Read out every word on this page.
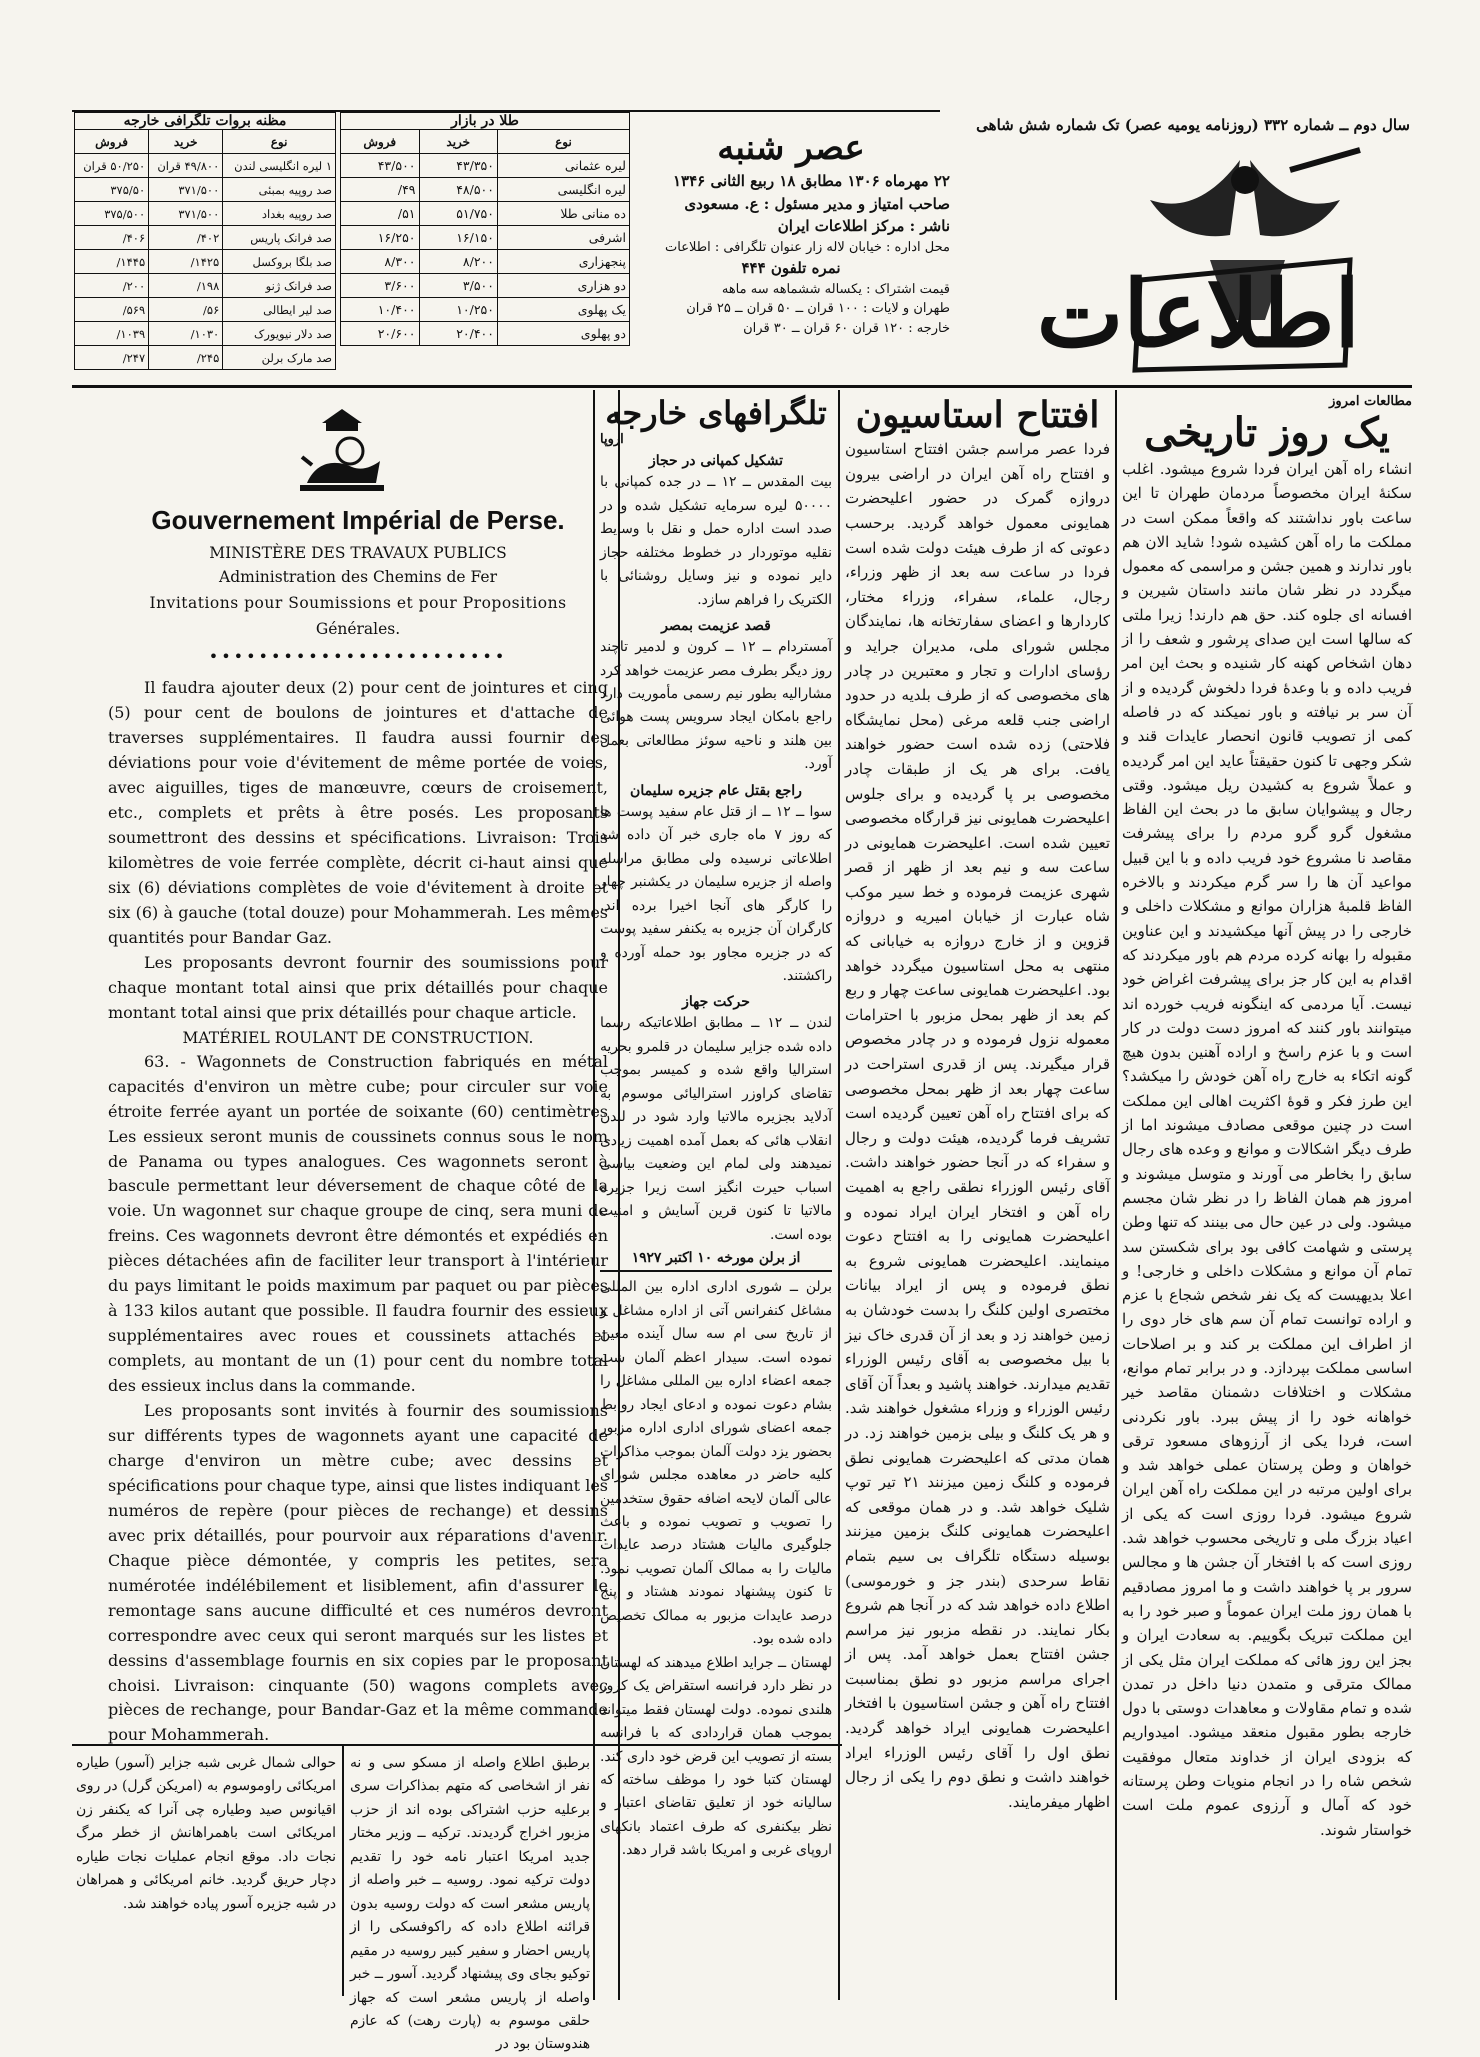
سال دوم ــ شماره ۳۳۲ (روزنامه یومیه عصر) تک شماره شش شاهی
اطلاعات
عصر شنبه
۲۲ مهرماه ۱۳۰۶ مطابق ۱۸ ربیع الثانی ۱۳۴۶
صاحب امتیاز و مدیر مسئول : ع. مسعودی
ناشر : مرکز اطلاعات ایران
محل اداره : خیابان لاله زار عنوان تلگرافی : اطلاعات
نمره تلفون ۴۴۴
قیمت اشتراک : یکساله ششماهه سه ماهه
طهران و لایات : ۱۰۰ قران ــ ۵۰ قران ــ ۲۵ قران
خارجه : ۱۲۰ قران ۶۰ قران ــ ۳۰ قران
طلا در بازار
نوع	خرید	فروش
لیره عثمانی	۴۳/۳۵۰	۴۳/۵۰۰
لیره انگلیسی	۴۸/۵۰۰	۴۹/
ده منانی طلا	۵۱/۷۵۰	۵۱/
اشرفی	۱۶/۱۵۰	۱۶/۲۵۰
پنجهزاری	۸/۲۰۰	۸/۳۰۰
دو هزاری	۳/۵۰۰	۳/۶۰۰
یک پهلوی	۱۰/۲۵۰	۱۰/۴۰۰
دو پهلوی	۲۰/۴۰۰	۲۰/۶۰۰
مظنه بروات تلگرافی خارجه
نوع	خرید	فروش
۱ لیره انگلیسی لندن	۴۹/۸۰۰ قران	۵۰/۲۵۰ قران
صد روپیه بمبئی	۳۷۱/۵۰۰	۳۷۵/۵۰
صد روپیه بغداد	۳۷۱/۵۰۰	۳۷۵/۵۰۰
صد فرانک پاریس	۴۰۲/	۴۰۶/
صد بلگا بروکسل	۱۴۲۵/	۱۴۴۵/
صد فرانک ژنو	۱۹۸/	۲۰۰/
صد لیر ایطالی	۵۶/	۵۶۹/
صد دلار نیویورک	۱۰۳۰/	۱۰۳۹/
صد مارک برلن	۲۴۵/	۲۴۷/
مطالعات امروز
یک روز تاریخی
انشاء راه آهن ایران فردا شروع میشود. اغلب سکنهٔ ایران مخصوصاً مردمان طهران تا این ساعت باور نداشتند که واقعاً ممکن است در مملکت ما راه آهن کشیده شود! شاید الان هم باور ندارند و همین جشن و مراسمی که معمول میگردد در نظر شان مانند داستان شیرین و افسانه ای جلوه کند. حق هم دارند! زیرا ملتی که سالها است این صدای پرشور و شعف را از دهان اشخاص کهنه کار شنیده و بحث این امر فریب داده و با وعدهٔ فردا دلخوش گردیده و از آن سر بر نیافته و باور نمیکند که در فاصله کمی از تصویب قانون انحصار عایدات قند و شکر وجهی تا کنون حقیقتاً عاید این امر گردیده و عملاً شروع به کشیدن ریل میشود. وقتی رجال و پیشوایان سابق ما در بحث این الفاظ مشغول گرو گرو مردم را برای پیشرفت مقاصد نا مشروع خود فریب داده و با این قبیل مواعید آن ها را سر گرم میکردند و بالاخره الفاظ قلمبهٔ هزاران موانع و مشکلات داخلی و خارجی را در پیش آنها میکشیدند و این عناوین مقبوله را بهانه کرده مردم هم باور میکردند که اقدام به این کار جز برای پیشرفت اغراض خود نیست. آیا مردمی که اینگونه فریب خورده اند میتوانند باور کنند که امروز دست دولت در کار است و با عزم راسخ و اراده آهنین بدون هیچ گونه اتکاء به خارج راه آهن خودش را میکشد؟ این طرز فکر و قوهٔ اکثریت اهالی این مملکت است در چنین موقعی مصادف میشوند اما از طرف دیگر اشکالات و موانع و وعده های رجال سابق را بخاطر می آورند و متوسل میشوند و امروز هم همان الفاظ را در نظر شان مجسم میشود. ولی در عین حال می بینند که تنها وطن پرستی و شهامت کافی بود برای شکستن سد تمام آن موانع و مشکلات داخلی و خارجی! و اعلا بدیهیست که یک نفر شخص شجاع با عزم و اراده توانست تمام آن سم های خار دوی را از اطراف این مملکت بر کند و بر اصلاحات اساسی مملکت بپردازد. و در برابر تمام موانع، مشکلات و اختلافات دشمنان مقاصد خیر خواهانه خود را از پیش ببرد. باور نکردنی است، فردا یکی از آرزوهای مسعود ترقی خواهان و وطن پرستان عملی خواهد شد و برای اولین مرتبه در این مملکت راه آهن ایران شروع میشود. فردا روزی است که یکی از اعیاد بزرگ ملی و تاریخی محسوب خواهد شد. روزی است که با افتخار آن جشن ها و مجالس سرور بر پا خواهند داشت و ما امروز مصادقیم با همان روز ملت ایران عموماً و صبر خود را به این مملکت تبریک بگوییم. به سعادت ایران و بجز این روز هائی که مملکت ایران مثل یکی از ممالک مترقی و متمدن دنیا داخل در تمدن شده و تمام مقاولات و معاهدات دوستی با دول خارجه بطور مقبول منعقد میشود. امیدواریم که بزودی ایران از خداوند متعال موفقیت شخص شاه را در انجام منویات وطن پرستانه خود که آمال و آرزوی عموم ملت است خواستار شوند.
افتتاح استاسیون
فردا عصر مراسم جشن افتتاح استاسیون و افتتاح راه آهن ایران در اراضی بیرون دروازه گمرک در حضور اعلیحضرت همایونی معمول خواهد گردید. برحسب دعوتی که از طرف هیئت دولت شده است فردا در ساعت سه بعد از ظهر وزراء، رجال، علماء، سفراء، وزراء مختار، کاردارها و اعضای سفارتخانه ها، نمایندگان مجلس شورای ملی، مدیران جراید و رؤسای ادارات و تجار و معتبرین در چادر های مخصوصی که از طرف بلدیه در حدود اراضی جنب قلعه مرغی (محل نمایشگاه فلاحتی) زده شده است حضور خواهند یافت. برای هر یک از طبقات چادر مخصوصی بر پا گردیده و برای جلوس اعلیحضرت همایونی نیز قرارگاه مخصوصی تعیین شده است. اعلیحضرت همایونی در ساعت سه و نیم بعد از ظهر از قصر شهری عزیمت فرموده و خط سیر موکب شاه عبارت از خیابان امیریه و دروازه قزوین و از خارج دروازه به خیابانی که منتهی به محل استاسیون میگردد خواهد بود. اعلیحضرت همایونی ساعت چهار و ربع کم بعد از ظهر بمحل مزبور با احترامات معموله نزول فرموده و در چادر مخصوص قرار میگیرند. پس از قدری استراحت در ساعت چهار بعد از ظهر بمحل مخصوصی که برای افتتاح راه آهن تعیین گردیده است تشریف فرما گردیده، هیئت دولت و رجال و سفراء که در آنجا حضور خواهند داشت. آقای رئیس الوزراء نطقی راجع به اهمیت راه آهن و افتخار ایران ایراد نموده و اعلیحضرت همایونی را به افتتاح دعوت مینمایند. اعلیحضرت همایونی شروع به نطق فرموده و پس از ایراد بیانات مختصری اولین کلنگ را بدست خودشان به زمین خواهند زد و بعد از آن قدری خاک نیز با بیل مخصوصی به آقای رئیس الوزراء تقدیم میدارند. خواهند پاشید و بعداً آن آقای رئیس الوزراء و وزراء مشغول خواهند شد. و هر یک کلنگ و بیلی بزمین خواهند زد. در همان مدتی که اعلیحضرت همایونی نطق فرموده و کلنگ زمین میزنند ۲۱ تیر توپ شلیک خواهد شد. و در همان موقعی که اعلیحضرت همایونی کلنگ بزمین میزنند بوسیله دستگاه تلگراف بی سیم بتمام نقاط سرحدی (بندر جز و خورموسی) اطلاع داده خواهد شد که در آنجا هم شروع بکار نمایند. در نقطه مزبور نیز مراسم جشن افتتاح بعمل خواهد آمد. پس از اجرای مراسم مزبور دو نطق بمناسبت افتتاح راه آهن و جشن استاسیون با افتخار اعلیحضرت همایونی ایراد خواهد گردید. نطق اول را آقای رئیس الوزراء ایراد خواهند داشت و نطق دوم را یکی از رجال اظهار میفرمایند.
تلگرافهای خارجه
اروپا
تشکیل کمپانی در حجاز
بیت المقدس ــ ۱۲ ــ در جده کمپانی با ۵۰۰۰۰ لیره سرمایه تشکیل شده و در صدد است اداره حمل و نقل با وسایط نقلیه موتوردار در خطوط مختلفه حجاز دایر نموده و نیز وسایل روشنائی با الکتریک را فراهم سازد.
قصد عزیمت بمصر
آمستردام ــ ۱۲ ــ کرون و لدمیر تاچند روز دیگر بطرف مصر عزیمت خواهد کرد مشارالیه بطور نیم رسمی مأموریت دارد راجع بامکان ایجاد سرویس پست هوائی بین هلند و ناحیه سوئز مطالعاتی بعمل آورد.
راجع بقتل عام جزیره سلیمان
سوا ــ ۱۲ ــ از قتل عام سفید پوست ها که روز ۷ ماه جاری خبر آن داده شد اطلاعاتی نرسیده ولی مطابق مراسله واصله از جزیره سلیمان در یکشنبر چهار را کارگر های آنجا اخیرا برده اند. کارگران آن جزیره به یکنفر سفید پوست که در جزیره مجاور بود حمله آورده و راکشتند.
حرکت جهاز
لندن ــ ۱۲ ــ مطابق اطلاعاتیکه رسما داده شده جزایر سلیمان در قلمرو بحریه استرالیا واقع شده و کمیسر بموجب تقاضای کراوزر استرالیائی موسوم به آدلاید بجزیره مالاتیا وارد شود در لندن انقلاب هائی که بعمل آمده اهمیت زیادی نمیدهند ولی لمام این وضعیت بیاسی اسباب حیرت انگیز است زیرا جزیره مالاتیا تا کنون قرین آسایش و امنیت بوده است.
از برلن مورخه ۱۰ اکتبر ۱۹۲۷
برلن ــ شوری اداری اداره بین المللی مشاغل کنفرانس آتی از اداره مشاغل و از تاریخ سی ام سه سال آینده معین نموده است. سیدار اعظم آلمان شب جمعه اعضاء اداره بین المللی مشاغل را بشام دعوت نموده و ادعای ایجاد روابط جمعه اعضای شورای اداری اداره مزبور بحضور یزد دولت آلمان بموجب مذاکرات کلیه حاضر در معاهده مجلس شورای عالی آلمان لایحه اضافه حقوق ستخدمین را تصویب و تصویب نموده و باعث جلوگیری مالیات هشتاد درصد عایدات مالیات را به ممالک آلمان تصویب نمود. تا کنون پیشنهاد نمودند هشتاد و پنج درصد عایدات مزبور به ممالک تخصیص داده شده بود.
لهستان ــ جراید اطلاع میدهند که لهستان در نظر دارد فرانسه استقراض یک کرور هلندی نموده. دولت لهستان فقط میتواند بموجب همان قراردادی که با فرانسه بسته از تصویب این قرض خود داری کند. لهستان کتبا خود را موظف ساخته که سالیانه خود از تعلیق تقاضای اعتبار و نظر بیکنفری که طرف اعتماد بانکهای اروپای غربی و امریکا باشد قرار دهد.
Gouvernement Impérial de Perse.
MINISTÈRE DES TRAVAUX PUBLICS
Administration des Chemins de Fer
Invitations pour Soumissions et pour Propositions
Générales.
••••••••••••••••••••••••

Il faudra ajouter deux (2) pour cent de jointures et cinq (5) pour cent de boulons de jointures et d'attache de traverses supplémentaires. Il faudra aussi fournir des déviations pour voie d'évitement de même portée de voies, avec aiguilles, tiges de manœuvre, cœurs de croisement, etc., complets et prêts à être posés. Les proposants soumettront des dessins et spécifications. Livraison: Trois kilomètres de voie ferrée complète, décrit ci-haut ainsi que six (6) déviations complètes de voie d'évitement à droite et six (6) à gauche (total douze) pour Mohammerah. Les mêmes quantités pour Bandar Gaz.

Les proposants devront fournir des soumissions pour chaque montant total ainsi que prix détaillés pour chaque montant total ainsi que prix détaillés pour chaque article.

MATÉRIEL ROULANT DE CONSTRUCTION.

63. - Wagonnets de Construction fabriqués en métal capacités d'environ un mètre cube; pour circuler sur voie étroite ferrée ayant un portée de soixante (60) centimètres Les essieux seront munis de coussinets connus sous le nom de Panama ou types analogues. Ces wagonnets seront à bascule permettant leur déversement de chaque côté de la voie. Un wagonnet sur chaque groupe de cinq, sera muni de freins. Ces wagonnets devront être démontés et expédiés en pièces détachées afin de faciliter leur transport à l'intérieur du pays limitant le poids maximum par paquet ou par pièces à 133 kilos autant que possible. Il faudra fournir des essieux supplémentaires avec roues et coussinets attachés et complets, au montant de un (1) pour cent du nombre total des essieux inclus dans la commande.

Les proposants sont invités à fournir des soumissions sur différents types de wagonnets ayant une capacité de charge d'environ un mètre cube; avec dessins et spécifications pour chaque type, ainsi que listes indiquant les numéros de repère (pour pièces de rechange) et dessins avec prix détaillés, pour pourvoir aux réparations d'avenir. Chaque pièce démontée, y compris les petites, sera numérotée indélébilement et lisiblement, afin d'assurer le remontage sans aucune difficulté et ces numéros devront correspondre avec ceux qui seront marqués sur les listes et dessins d'assemblage fournis en six copies par le proposant choisi. Livraison: cinquante (50) wagons complets avec pièces de rechange, pour Bandar-Gaz et la même commande pour Mohammerah.

برطبق اطلاع واصله از مسکو سی و نه نفر از اشخاصی که متهم بمذاکرات سری برعلیه حزب اشتراکی بوده اند از حزب مزبور اخراج گردیدند. ترکیه ــ وزیر مختار جدید امریکا اعتبار نامه خود را تقدیم دولت ترکیه نمود. روسیه ــ خبر واصله از پاریس مشعر است که دولت روسیه بدون قرائنه اطلاع داده که راکوفسکی را از پاریس احضار و سفیر کبیر روسیه در مقیم توکیو بجای وی پیشنهاد گردید. آسور ــ خبر واصله از پاریس مشعر است که جهاز حلقی موسوم به (پارت رهت) که عازم هندوستان بود در
حوالی شمال غربی شبه جزایر (آسور) طیاره امریکائی راوموسوم به (امریکن گرل) در روی اقیانوس صید وطیاره چی آنرا که یکنفر زن امریکائی است باهمراهانش از خطر مرگ نجات داد. موقع انجام عملیات نجات طیاره دچار حریق گردید. خانم امریکائی و همراهان در شبه جزیره آسور پیاده خواهند شد.
